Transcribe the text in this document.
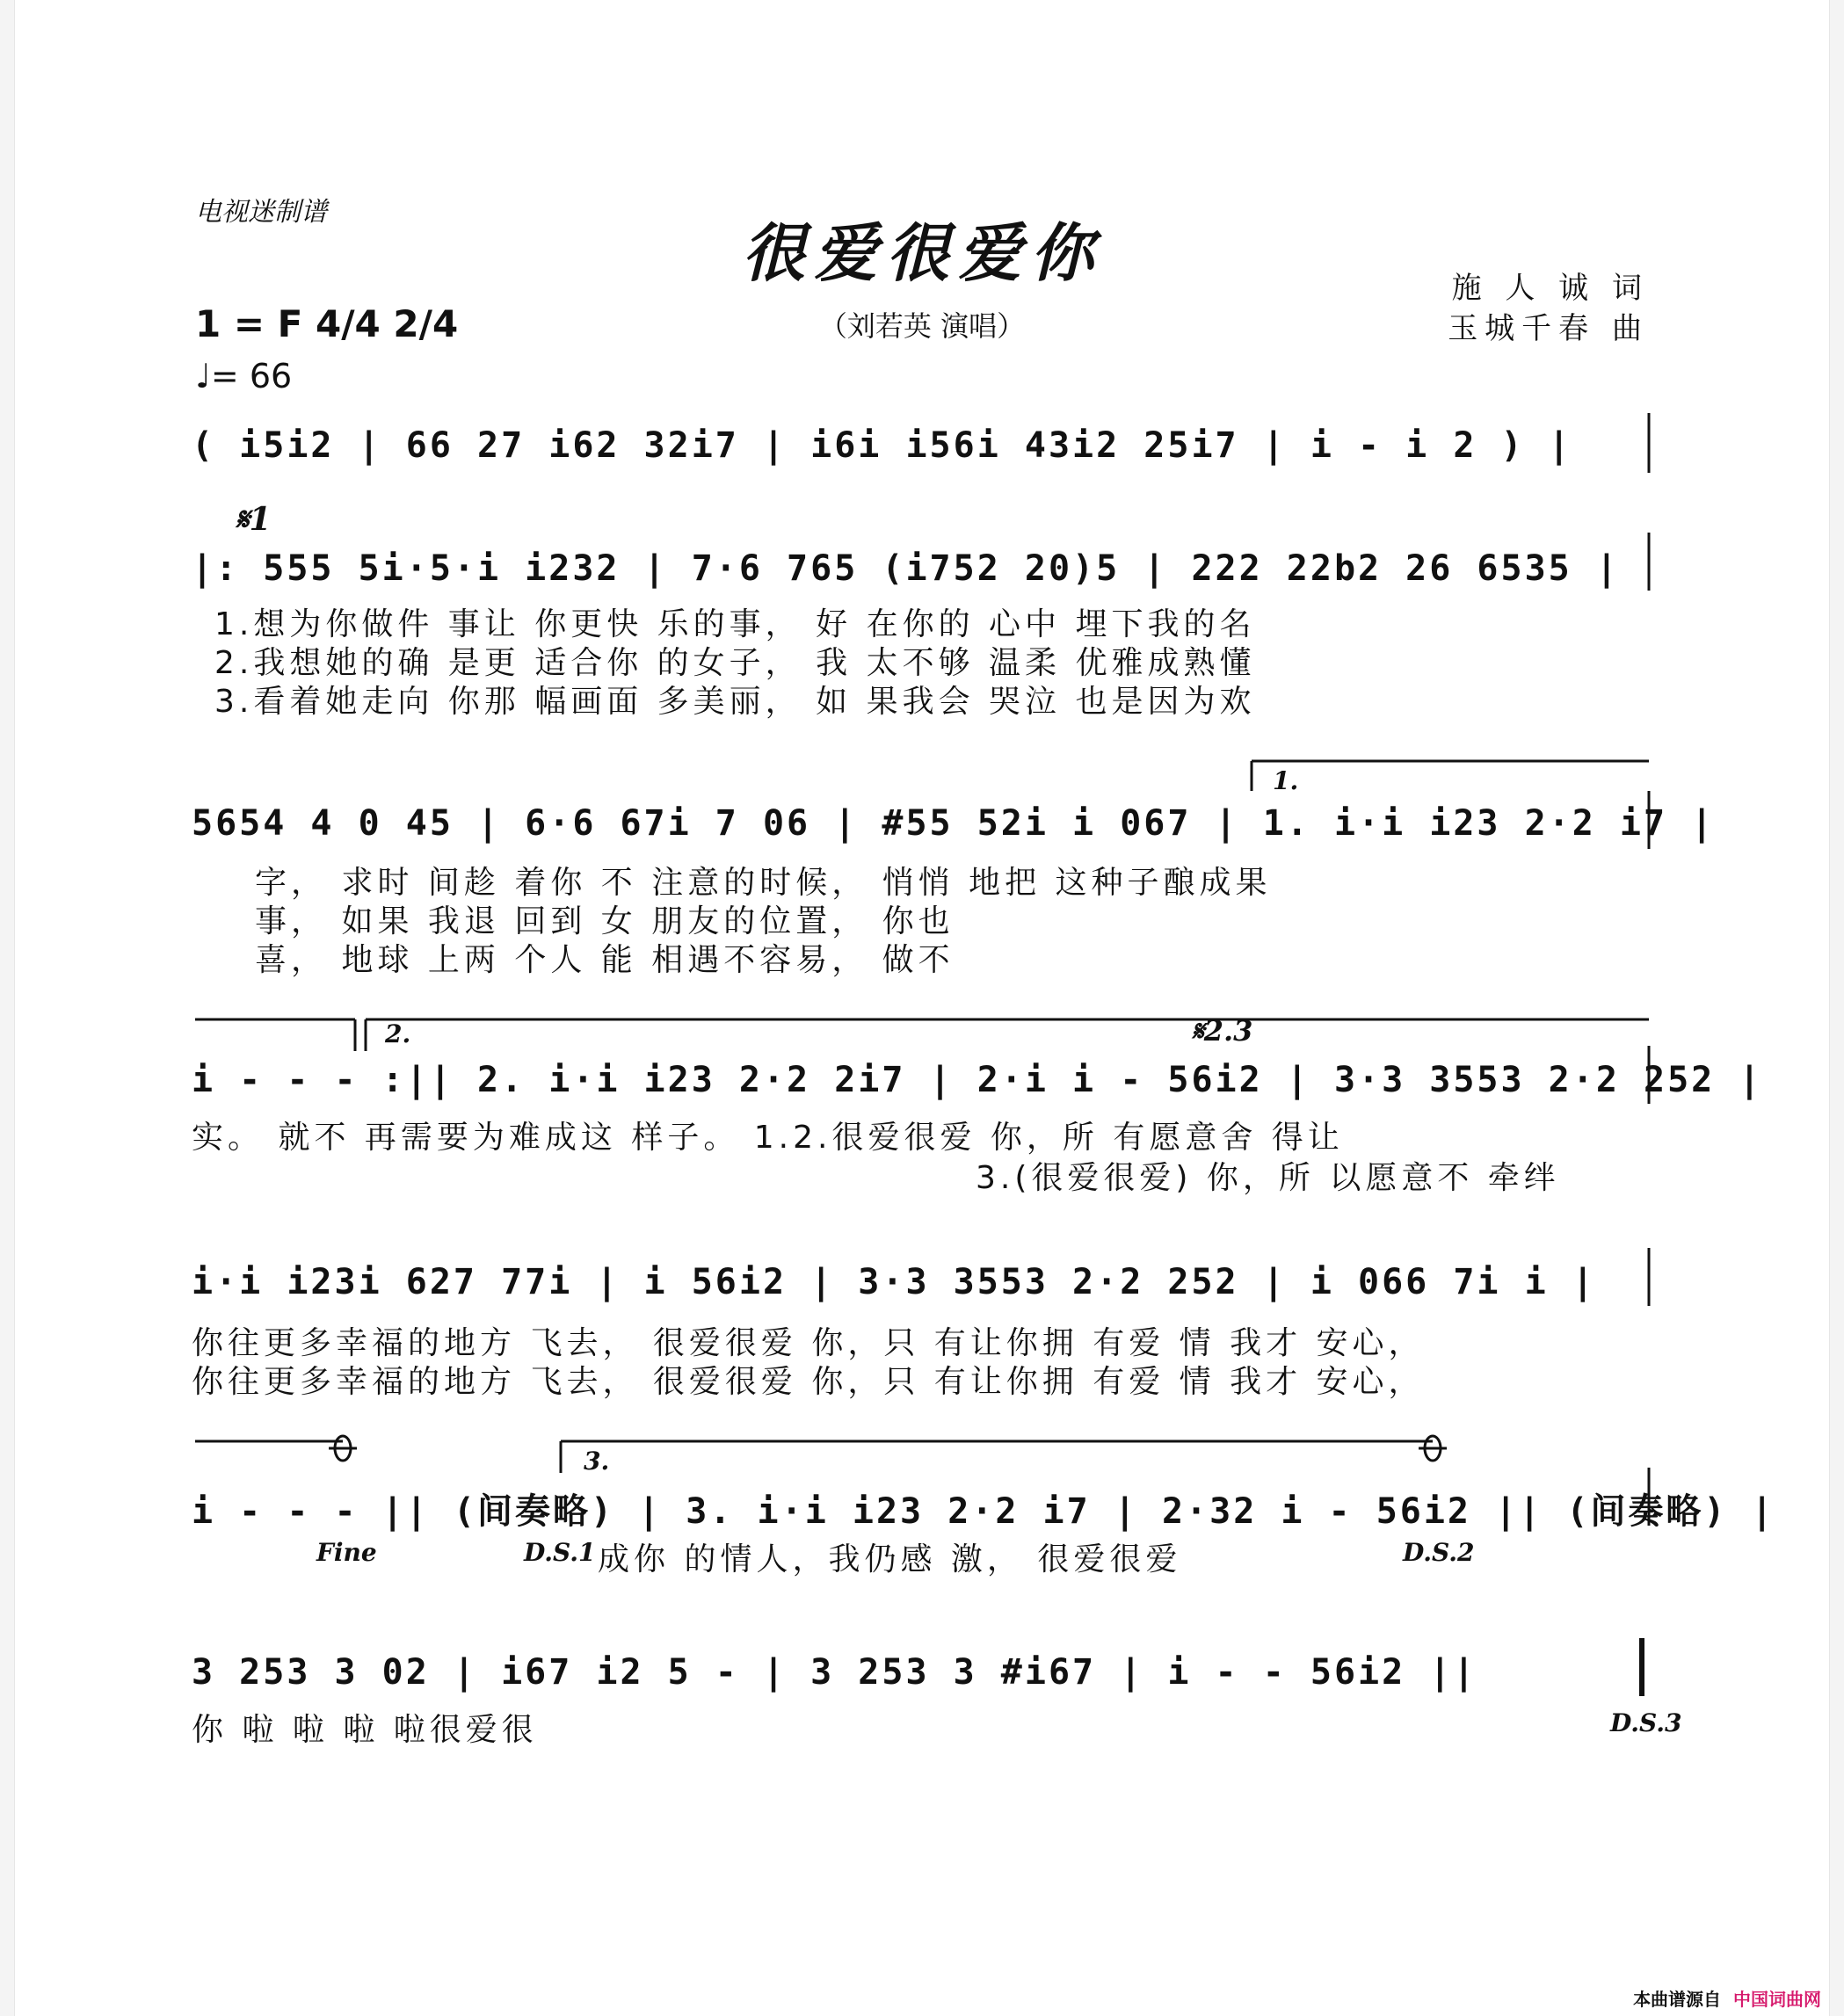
电视迷制谱
很爱很爱你
（刘若英 演唱）
施 人 诚 词
玉城千春 曲
1 = F 4/4 2/4
♩= 66
( i5i2 | 66 27 i62 32i7 | i6i i56i 43i2 25i7 | i - i 2 ) |
𝄋1
|: 555 5i·5·i i232 | 7·6 765 (i752 20)5 | 222 22b2 26 6535 |
1.想为你做件 事让 你更快 乐的事， 好 在你的 心中 埋下我的名
2.我想她的确 是更 适合你 的女子， 我 太不够 温柔 优雅成熟懂
3.看着她走向 你那 幅画面 多美丽， 如 果我会 哭泣 也是因为欢
1.
5654 4 0 45 | 6·6 67i 7 06 | #55 52i i 067 | 1. i·i i23 2·2 i7 |
字， 求时 间趁 着你 不 注意的时候， 悄悄 地把 这种子酿成果
事， 如果 我退 回到 女 朋友的位置， 你也
喜， 地球 上两 个人 能 相遇不容易， 做不
2.	𝄋2.3
i - - - :|| 2. i·i i23 2·2 2i7 | 2·i i - 56i2 | 3·3 3553 2·2 252 |
实。 就不 再需要为难成这 样子。 1.2.很爱很爱 你，所 有愿意舍 得让
3.(很爱很爱) 你，所 以愿意不 牵绊
i·i i23i 627 77i | i 56i2 | 3·3 3553 2·2 252 | i 066 7i i |
你往更多幸福的地方 飞去， 很爱很爱 你，只 有让你拥 有爱 情 我才 安心，
你往更多幸福的地方 飞去， 很爱很爱 你，只 有让你拥 有爱 情 我才 安心，
3.
i - - - || (间奏略) | 3. i·i i23 2·2 i7 | 2·32 i - 56i2 || (间奏略) |
Fine	D.S.1 成你 的情人，我仍感 激， 很爱很爱	D.S.2
3 253 3 02 | i67 i2 5 - | 3 253 3 #i67 | i - - 56i2 ||
你 啦 啦 啦 啦很爱很	D.S.3
本曲谱源自 中国词曲网
